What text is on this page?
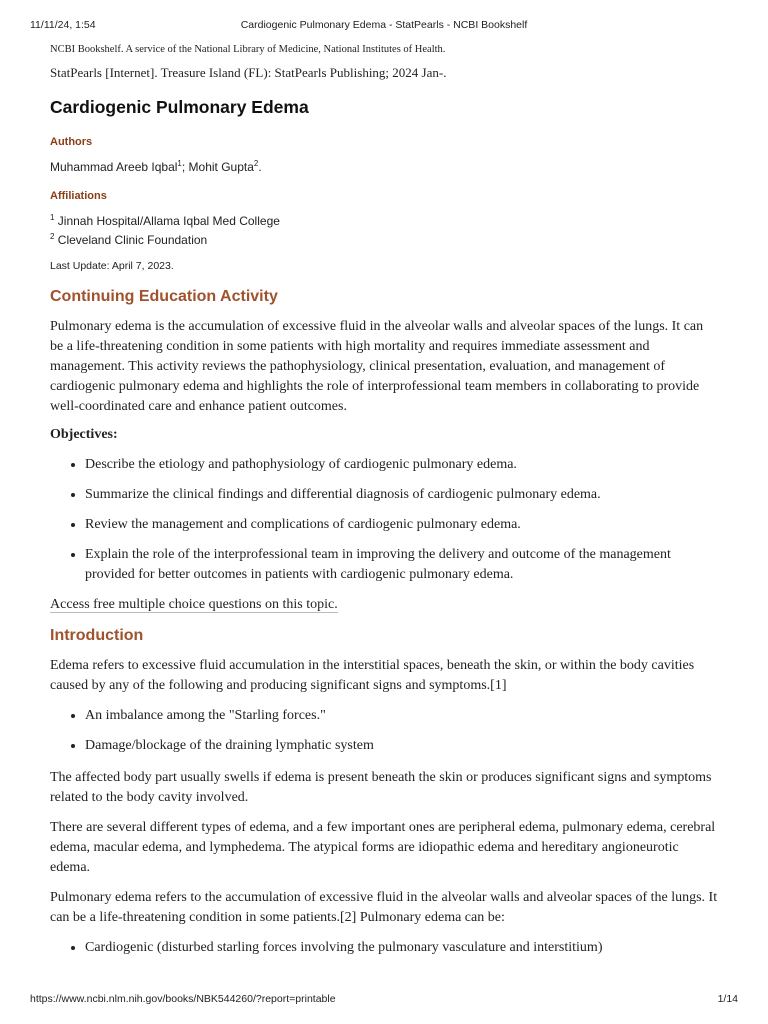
11/11/24, 1:54	Cardiogenic Pulmonary Edema - StatPearls - NCBI Bookshelf
NCBI Bookshelf. A service of the National Library of Medicine, National Institutes of Health.
StatPearls [Internet]. Treasure Island (FL): StatPearls Publishing; 2024 Jan-.
Cardiogenic Pulmonary Edema
Authors
Muhammad Areeb Iqbal$^1$; Mohit Gupta$^2$.
Affiliations
$^1$ Jinnah Hospital/Allama Iqbal Med College
$^2$ Cleveland Clinic Foundation
Last Update: April 7, 2023.
Continuing Education Activity

Pulmonary edema is the accumulation of excessive fluid in the alveolar walls and alveolar spaces of the lungs. It can be a life-threatening condition in some patients with high mortality and requires immediate assessment and management. This activity reviews the pathophysiology, clinical presentation, evaluation, and management of cardiogenic pulmonary edema and highlights the role of interprofessional team members in collaborating to provide well-coordinated care and enhance patient outcomes.

Objectives:
• Describe the etiology and pathophysiology of cardiogenic pulmonary edema.
• Summarize the clinical findings and differential diagnosis of cardiogenic pulmonary edema.
• Review the management and complications of cardiogenic pulmonary edema.
• Explain the role of the interprofessional team in improving the delivery and outcome of the management provided for better outcomes in patients with cardiogenic pulmonary edema.
Access free multiple choice questions on this topic.
Introduction

Edema refers to excessive fluid accumulation in the interstitial spaces, beneath the skin, or within the body cavities caused by any of the following and producing significant signs and symptoms.[1]

• An imbalance among the "Starling forces."
• Damage/blockage of the draining lymphatic system

The affected body part usually swells if edema is present beneath the skin or produces significant signs and symptoms related to the body cavity involved.

There are several different types of edema, and a few important ones are peripheral edema, pulmonary edema, cerebral edema, macular edema, and lymphedema. The atypical forms are idiopathic edema and hereditary angioneurotic edema.

Pulmonary edema refers to the accumulation of excessive fluid in the alveolar walls and alveolar spaces of the lungs. It can be a life-threatening condition in some patients.[2] Pulmonary edema can be:

• Cardiogenic (disturbed starling forces involving the pulmonary vasculature and interstitium)
https://www.ncbi.nlm.nih.gov/books/NBK544260/?report=printable	1/14
